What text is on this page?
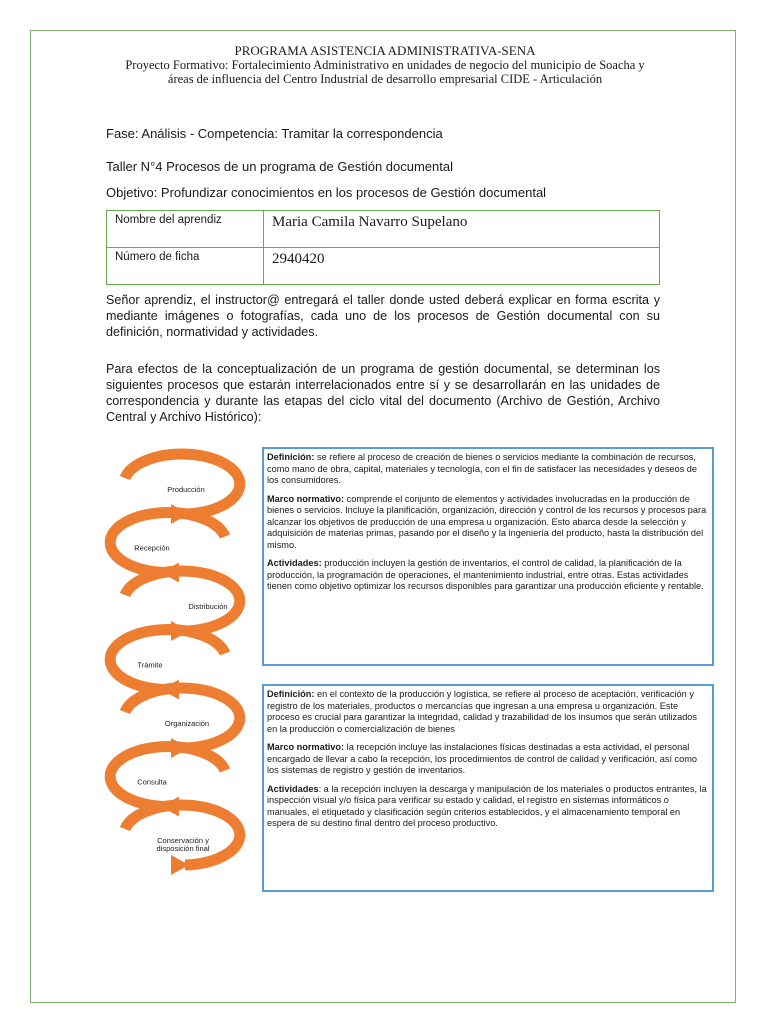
PROGRAMA ASISTENCIA ADMINISTRATIVA-SENA
Proyecto Formativo: Fortalecimiento Administrativo en unidades de negocio del municipio de Soacha y
áreas de influencia del Centro Industrial de desarrollo empresarial CIDE - Articulación
Fase: Análisis - Competencia: Tramitar la correspondencia
Taller N°4 Procesos de un programa de Gestión documental
Objetivo: Profundizar conocimientos en los procesos de Gestión documental
Nombre del aprendiz	Maria Camila Navarro Supelano
Número de ficha	2940420
Señor aprendiz, el instructor@ entregará el taller donde usted deberá explicar en forma escrita y mediante imágenes o fotografías, cada uno de los procesos de Gestión documental con su definición, normatividad y actividades.
Para efectos de la conceptualización de un programa de gestión documental, se determinan los siguientes procesos que estarán interrelacionados entre sí y se desarrollarán en las unidades de correspondencia y durante las etapas del ciclo vital del documento (Archivo de Gestión, Archivo Central y Archivo Histórico):
Producción
Recepción
Distribución
Trámite
Organización
Consulta
Conservación y disposición final

Definición: se refiere al proceso de creación de bienes o servicios mediante la combinación de recursos, como mano de obra, capital, materiales y tecnología, con el fin de satisfacer las necesidades y deseos de los consumidores.

Marco normativo: comprende el conjunto de elementos y actividades involucradas en la producción de bienes o servicios. Incluye la planificación, organización, dirección y control de los recursos y procesos para alcanzar los objetivos de producción de una empresa u organización. Esto abarca desde la selección y adquisición de materias primas, pasando por el diseño y la ingeniería del producto, hasta la distribución del mismo.

Actividades: producción incluyen la gestión de inventarios, el control de calidad, la planificación de la producción, la programación de operaciones, el mantenimiento industrial, entre otras. Estas actividades tienen como objetivo optimizar los recursos disponibles para garantizar una producción eficiente y rentable.

Definición: en el contexto de la producción y logística, se refiere al proceso de aceptación, verificación y registro de los materiales, productos o mercancías que ingresan a una empresa u organización. Este proceso es crucial para garantizar la integridad, calidad y trazabilidad de los insumos que serán utilizados en la producción o comercialización de bienes

Marco normativo: la recepción incluye las instalaciones físicas destinadas a esta actividad, el personal encargado de llevar a cabo la recepción, los procedimientos de control de calidad y verificación, así como los sistemas de registro y gestión de inventarios.

Actividades: a la recepción incluyen la descarga y manipulación de los materiales o productos entrantes, la inspección visual y/o física para verificar su estado y calidad, el registro en sistemas informáticos o manuales, el etiquetado y clasificación según criterios establecidos, y el almacenamiento temporal en espera de su destino final dentro del proceso productivo.
